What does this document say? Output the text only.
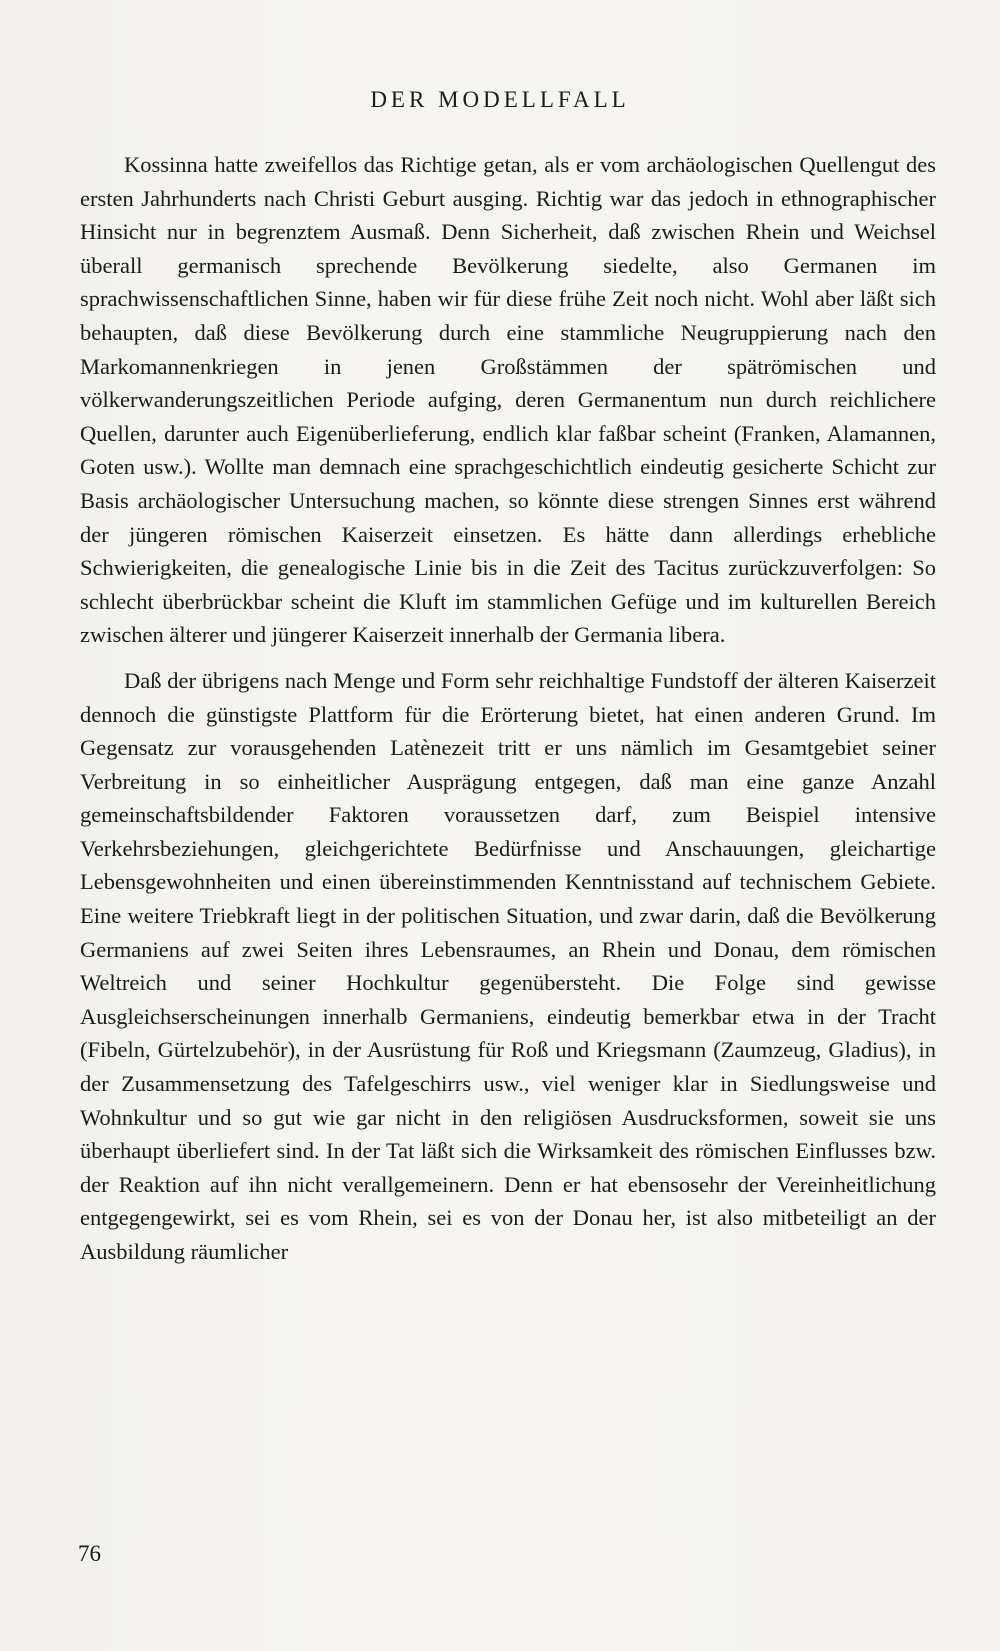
DER MODELLFALL

Kossinna hatte zweifellos das Richtige getan, als er vom archäologischen Quellengut des ersten Jahrhunderts nach Christi Geburt ausging. Richtig war das jedoch in ethnographischer Hinsicht nur in begrenztem Ausmaß. Denn Sicherheit, daß zwischen Rhein und Weichsel überall germanisch sprechende Bevölkerung siedelte, also Germanen im sprachwissenschaftlichen Sinne, haben wir für diese frühe Zeit noch nicht. Wohl aber läßt sich behaupten, daß diese Bevölkerung durch eine stammliche Neugruppierung nach den Markomannenkriegen in jenen Großstämmen der spätrömischen und völkerwanderungszeitlichen Periode aufging, deren Germanentum nun durch reichlichere Quellen, darunter auch Eigenüberlieferung, endlich klar faßbar scheint (Franken, Alamannen, Goten usw.). Wollte man demnach eine sprachgeschichtlich eindeutig gesicherte Schicht zur Basis archäologischer Untersuchung machen, so könnte diese strengen Sinnes erst während der jüngeren römischen Kaiserzeit einsetzen. Es hätte dann allerdings erhebliche Schwierigkeiten, die genealogische Linie bis in die Zeit des Tacitus zurückzuverfolgen: So schlecht überbrückbar scheint die Kluft im stammlichen Gefüge und im kulturellen Bereich zwischen älterer und jüngerer Kaiserzeit innerhalb der Germania libera.

Daß der übrigens nach Menge und Form sehr reichhaltige Fundstoff der älteren Kaiserzeit dennoch die günstigste Plattform für die Erörterung bietet, hat einen anderen Grund. Im Gegensatz zur vorausgehenden Latènezeit tritt er uns nämlich im Gesamtgebiet seiner Verbreitung in so einheitlicher Ausprägung entgegen, daß man eine ganze Anzahl gemeinschaftsbildender Faktoren voraussetzen darf, zum Beispiel intensive Verkehrsbeziehungen, gleichgerichtete Bedürfnisse und Anschauungen, gleichartige Lebensgewohnheiten und einen übereinstimmenden Kenntnisstand auf technischem Gebiete. Eine weitere Triebkraft liegt in der politischen Situation, und zwar darin, daß die Bevölkerung Germaniens auf zwei Seiten ihres Lebensraumes, an Rhein und Donau, dem römischen Weltreich und seiner Hochkultur gegenübersteht. Die Folge sind gewisse Ausgleichserscheinungen innerhalb Germaniens, eindeutig bemerkbar etwa in der Tracht (Fibeln, Gürtelzubehör), in der Ausrüstung für Roß und Kriegsmann (Zaumzeug, Gladius), in der Zusammensetzung des Tafelgeschirrs usw., viel weniger klar in Siedlungsweise und Wohnkultur und so gut wie gar nicht in den religiösen Ausdrucksformen, soweit sie uns überhaupt überliefert sind. In der Tat läßt sich die Wirksamkeit des römischen Einflusses bzw. der Reaktion auf ihn nicht verallgemeinern. Denn er hat ebensosehr der Vereinheitlichung entgegengewirkt, sei es vom Rhein, sei es von der Donau her, ist also mitbeteiligt an der Ausbildung räumlicher

76
